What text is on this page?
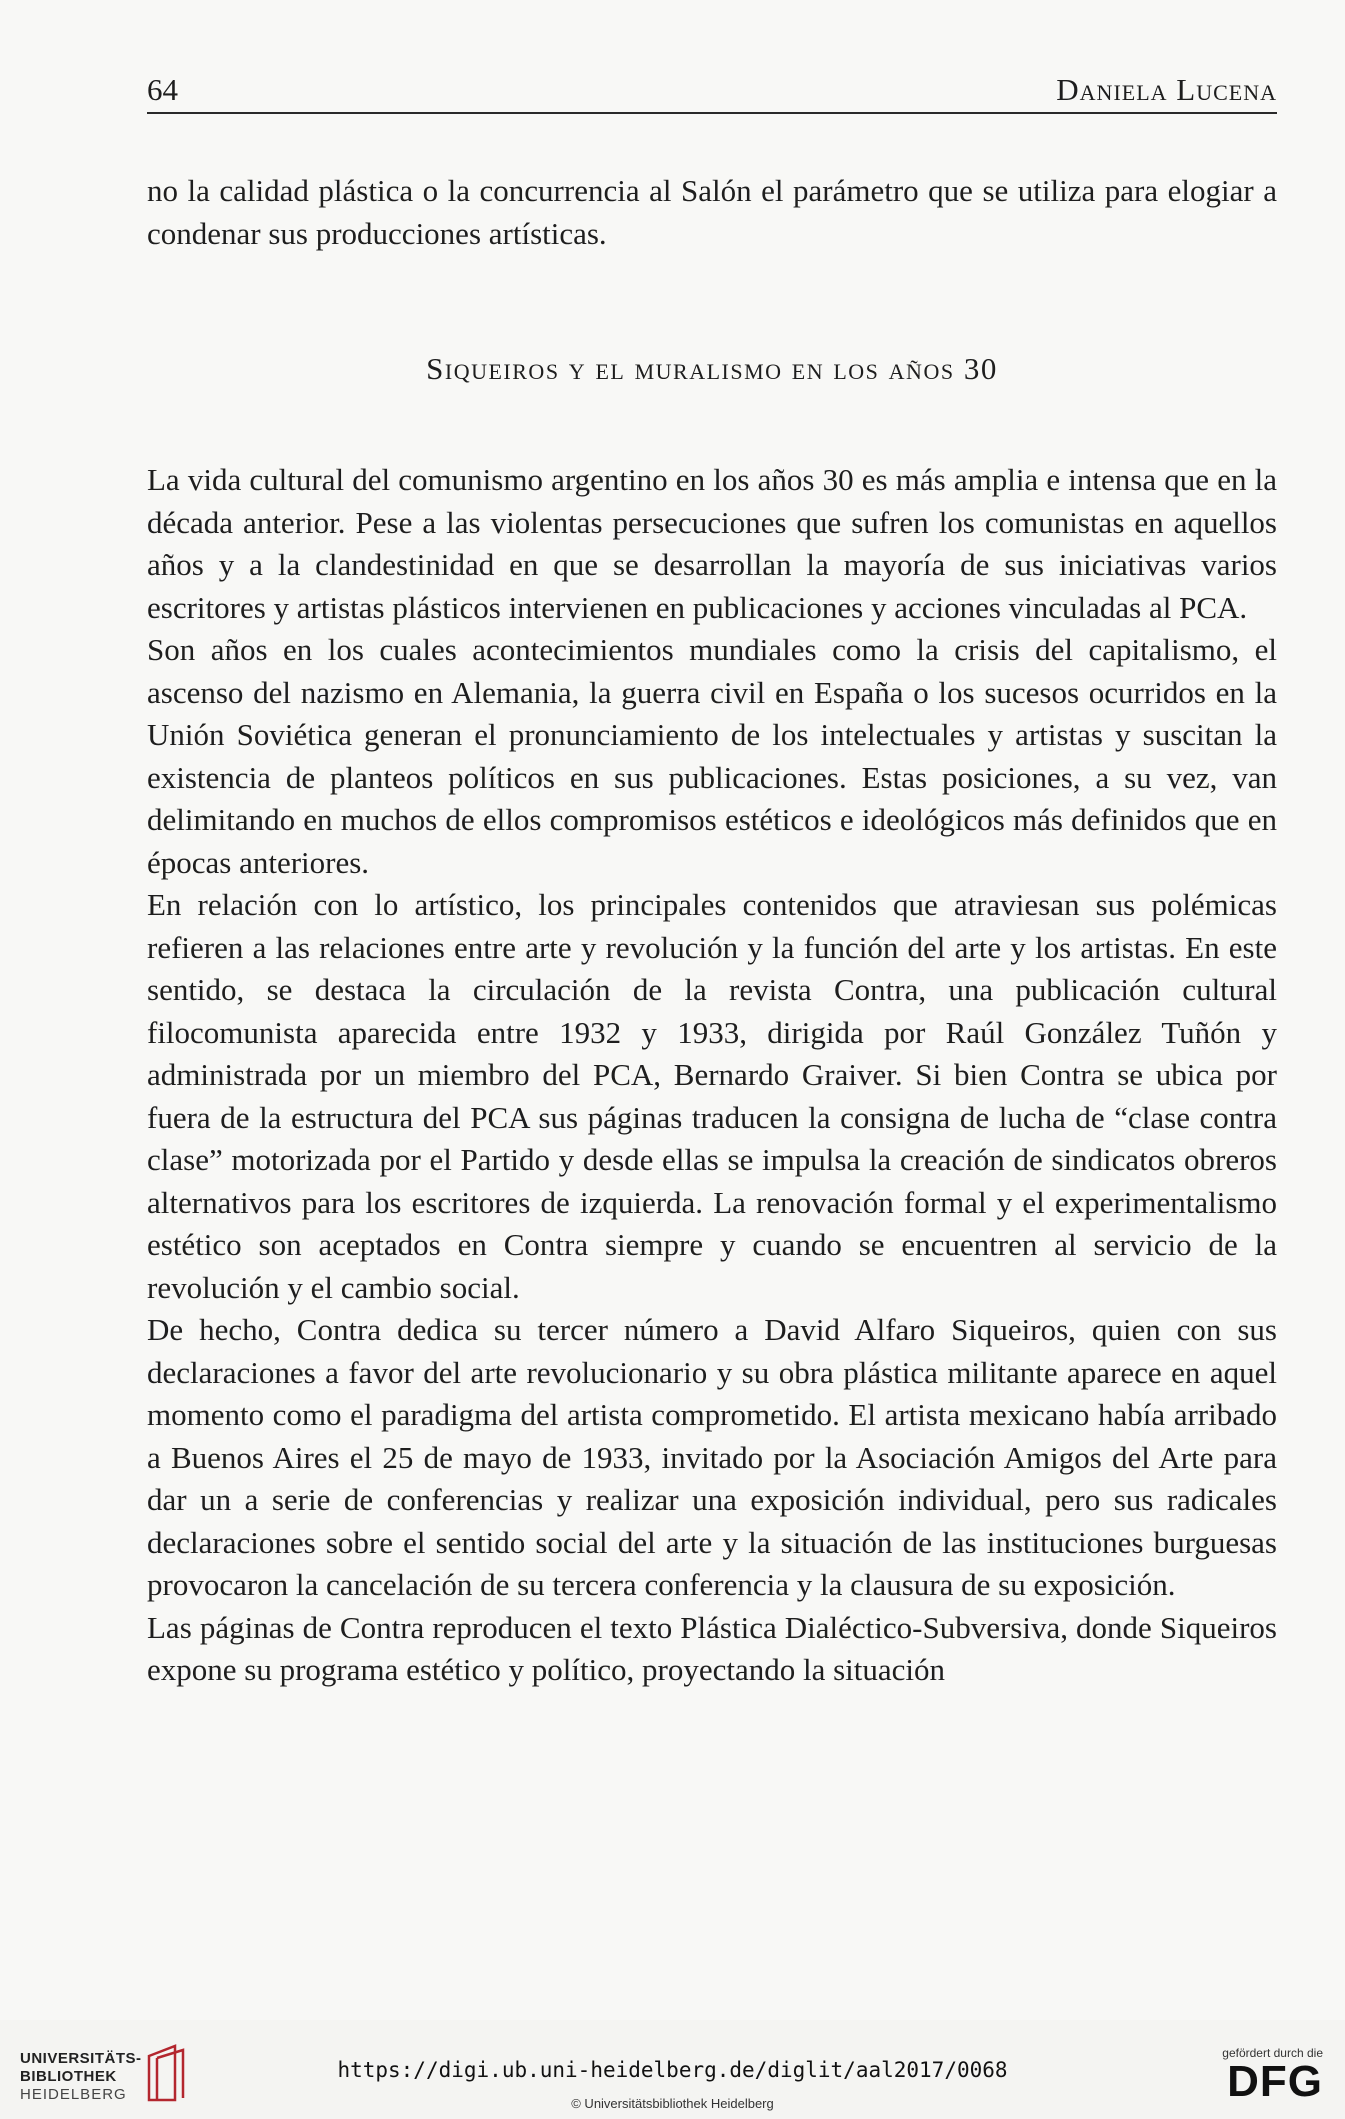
64	Daniela Lucena

no la calidad plástica o la concurrencia al Salón el parámetro que se utiliza para elogiar a condenar sus producciones artísticas.

Siqueiros y el muralismo en los años 30

La vida cultural del comunismo argentino en los años 30 es más amplia e intensa que en la década anterior. Pese a las violentas persecuciones que sufren los comunistas en aquellos años y a la clandestinidad en que se desarrollan la mayoría de sus iniciativas varios escritores y artistas plásticos intervienen en publicaciones y acciones vinculadas al PCA.

Son años en los cuales acontecimientos mundiales como la crisis del capitalismo, el ascenso del nazismo en Alemania, la guerra civil en España o los sucesos ocurridos en la Unión Soviética generan el pronunciamiento de los intelectuales y artistas y suscitan la existencia de planteos políticos en sus publicaciones. Estas posiciones, a su vez, van delimitando en muchos de ellos compromisos estéticos e ideológicos más definidos que en épocas anteriores.

En relación con lo artístico, los principales contenidos que atraviesan sus polémicas refieren a las relaciones entre arte y revolución y la función del arte y los artistas. En este sentido, se destaca la circulación de la revista Contra, una publicación cultural filocomunista aparecida entre 1932 y 1933, dirigida por Raúl González Tuñón y administrada por un miembro del PCA, Bernardo Graiver. Si bien Contra se ubica por fuera de la estructura del PCA sus páginas traducen la consigna de lucha de “clase contra clase” motorizada por el Partido y desde ellas se impulsa la creación de sindicatos obreros alternativos para los escritores de izquierda. La renovación formal y el experimentalismo estético son aceptados en Contra siempre y cuando se encuentren al servicio de la revolución y el cambio social.

De hecho, Contra dedica su tercer número a David Alfaro Siqueiros, quien con sus declaraciones a favor del arte revolucionario y su obra plástica militante aparece en aquel momento como el paradigma del artista comprometido. El artista mexicano había arribado a Buenos Aires el 25 de mayo de 1933, invitado por la Asociación Amigos del Arte para dar un a serie de conferencias y realizar una exposición individual, pero sus radicales declaraciones sobre el sentido social del arte y la situación de las instituciones burguesas provocaron la cancelación de su tercera conferencia y la clausura de su exposición.

Las páginas de Contra reproducen el texto Plástica Dialéctico-Subversiva, donde Siqueiros expone su programa estético y político, proyectando la situación

UNIVERSITÄTS-
BIBLIOTHEK
HEIDELBERG
https://digi.ub.uni-heidelberg.de/diglit/aal2017/0068
© Universitätsbibliothek Heidelberg
gefördert durch die
DFG
